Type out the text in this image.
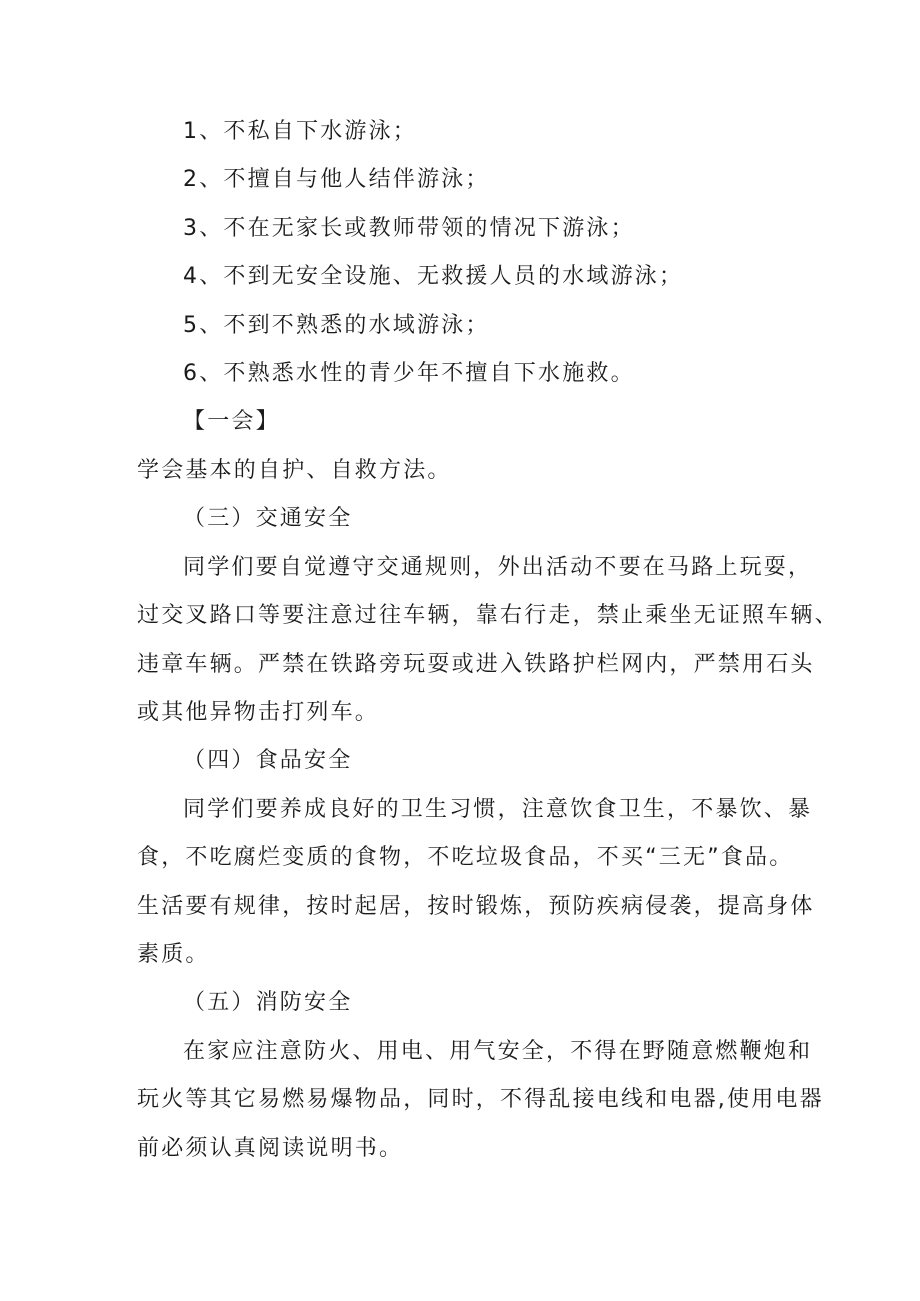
1、不私自下水游泳；
2、不擅自与他人结伴游泳；
3、不在无家长或教师带领的情况下游泳；
4、不到无安全设施、无救援人员的水域游泳；
5、不到不熟悉的水域游泳；
6、不熟悉水性的青少年不擅自下水施救。
【一会】
学会基本的自护、自救方法。
（三）交通安全
同学们要自觉遵守交通规则，外出活动不要在马路上玩耍，
过交叉路口等要注意过往车辆，靠右行走，禁止乘坐无证照车辆、
违章车辆。严禁在铁路旁玩耍或进入铁路护栏网内，严禁用石头
或其他异物击打列车。
（四）食品安全
同学们要养成良好的卫生习惯，注意饮食卫生，不暴饮、暴
食，不吃腐烂变质的食物，不吃垃圾食品，不买“三无”食品。
生活要有规律，按时起居，按时锻炼，预防疾病侵袭，提高身体
素质。
（五）消防安全
在家应注意防火、用电、用气安全，不得在野随意燃鞭炮和
玩火等其它易燃易爆物品，同时，不得乱接电线和电器,使用电器
前必须认真阅读说明书。
